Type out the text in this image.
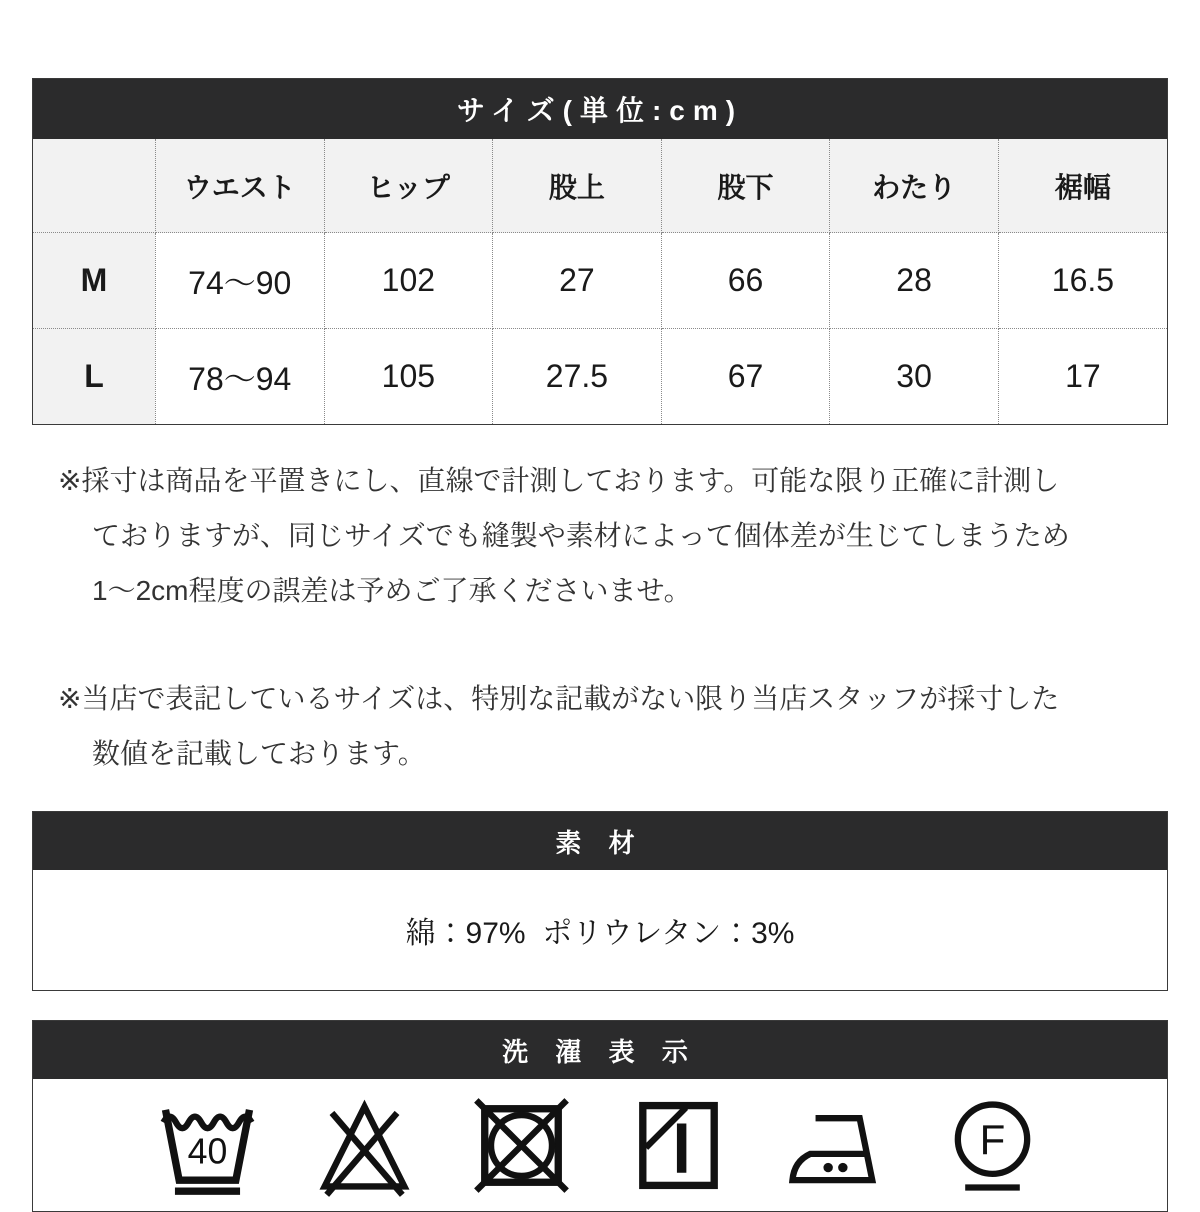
サイズ(単位:cm)
	ウエスト	ヒップ	股上	股下	わたり	裾幅
M	74〜90	102	27	66	28	16.5
L	78〜94	105	27.5	67	30	17
※採寸は商品を平置きにし、直線で計測しております。可能な限り正確に計測し
ておりますが、同じサイズでも縫製や素材によって個体差が生じてしまうため
1〜2cm程度の誤差は予めご了承くださいませ。
※当店で表記しているサイズは、特別な記載がない限り当店スタッフが採寸した
数値を記載しております。
素 材
綿：97%  ポリウレタン：3%
洗 濯 表 示
40	F
